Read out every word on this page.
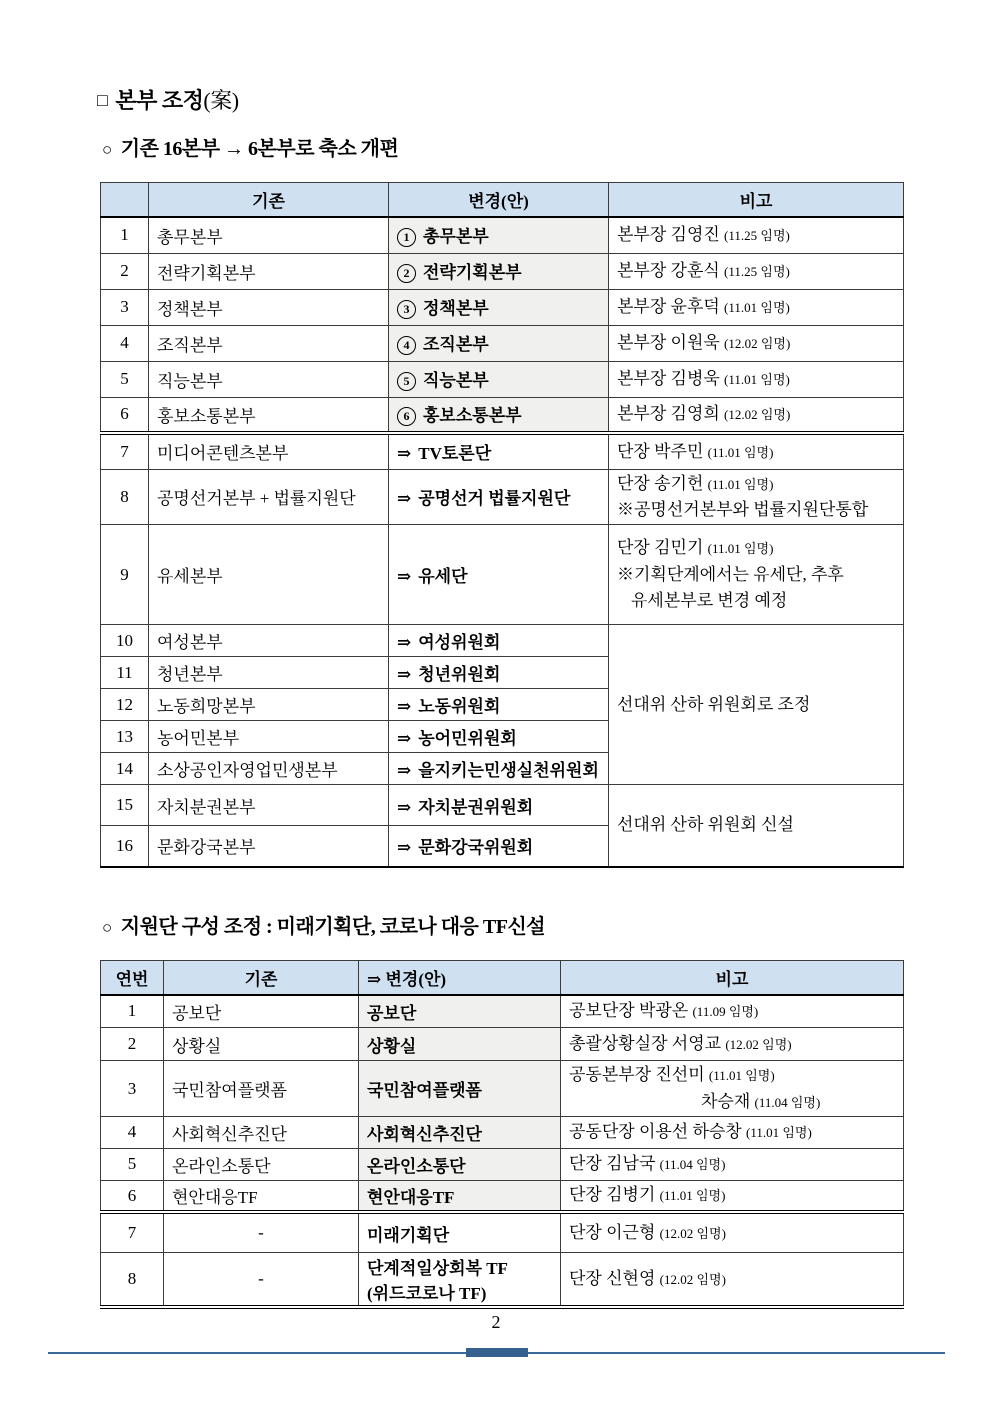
□ 본부 조정(案)
○ 기존 16본부 → 6본부로 축소 개편
	기존	변경(안)	비고
1	총무본부	1 총무본부	본부장 김영진 (11.25 임명)

2	전략기획본부	2 전략기획본부	본부장 강훈식 (11.25 임명)

3	정책본부	3 정책본부	본부장 윤후덕 (11.01 임명)

4	조직본부	4 조직본부	본부장 이원욱 (12.02 임명)

5	직능본부	5 직능본부	본부장 김병욱 (11.01 임명)

6	홍보소통본부	6 홍보소통본부	본부장 김영희 (12.02 임명)

7	미디어콘텐츠본부	⇒ TV토론단	단장 박주민 (11.01 임명)

8	공명선거본부 + 법률지원단	⇒ 공명선거 법률지원단	단장 송기헌 (11.01 임명)
※공명선거본부와 법률지원단통합

9	유세본부	⇒ 유세단	단장 김민기 (11.01 임명)
※기획단계에서는 유세단, 추후
유세본부로 변경 예정

10	여성본부	⇒ 여성위원회	선대위 산하 위원회로 조정

11	청년본부	⇒ 청년위원회	
12	노동희망본부	⇒ 노동위원회	
13	농어민본부	⇒ 농어민위원회	
14	소상공인자영업민생본부	⇒ 을지키는민생실천위원회	
15	자치분권본부	⇒ 자치분권위원회	선대위 산하 위원회 신설

16	문화강국본부	⇒ 문화강국위원회	
○ 지원단 구성 조정 : 미래기획단, 코로나 대응 TF신설
연번	기존	⇒ 변경(안)	비고
1	공보단	공보단	공보단장 박광온 (11.09 임명)

2	상황실	상황실	총괄상황실장 서영교 (12.02 임명)

3	국민참여플랫폼	국민참여플랫폼	공동본부장 진선미 (11.01 임명)
차승재 (11.04 임명)

4	사회혁신추진단	사회혁신추진단	공동단장 이용선 하승창 (11.01 임명)

5	온라인소통단	온라인소통단	단장 김남국 (11.04 임명)

6	현안대응TF	현안대응TF	단장 김병기 (11.01 임명)

7	-	미래기획단	단장 이근형 (12.02 임명)

8	-	단계적일상회복 TF
(위드코로나 TF)	단장 신현영 (12.02 임명)
2
